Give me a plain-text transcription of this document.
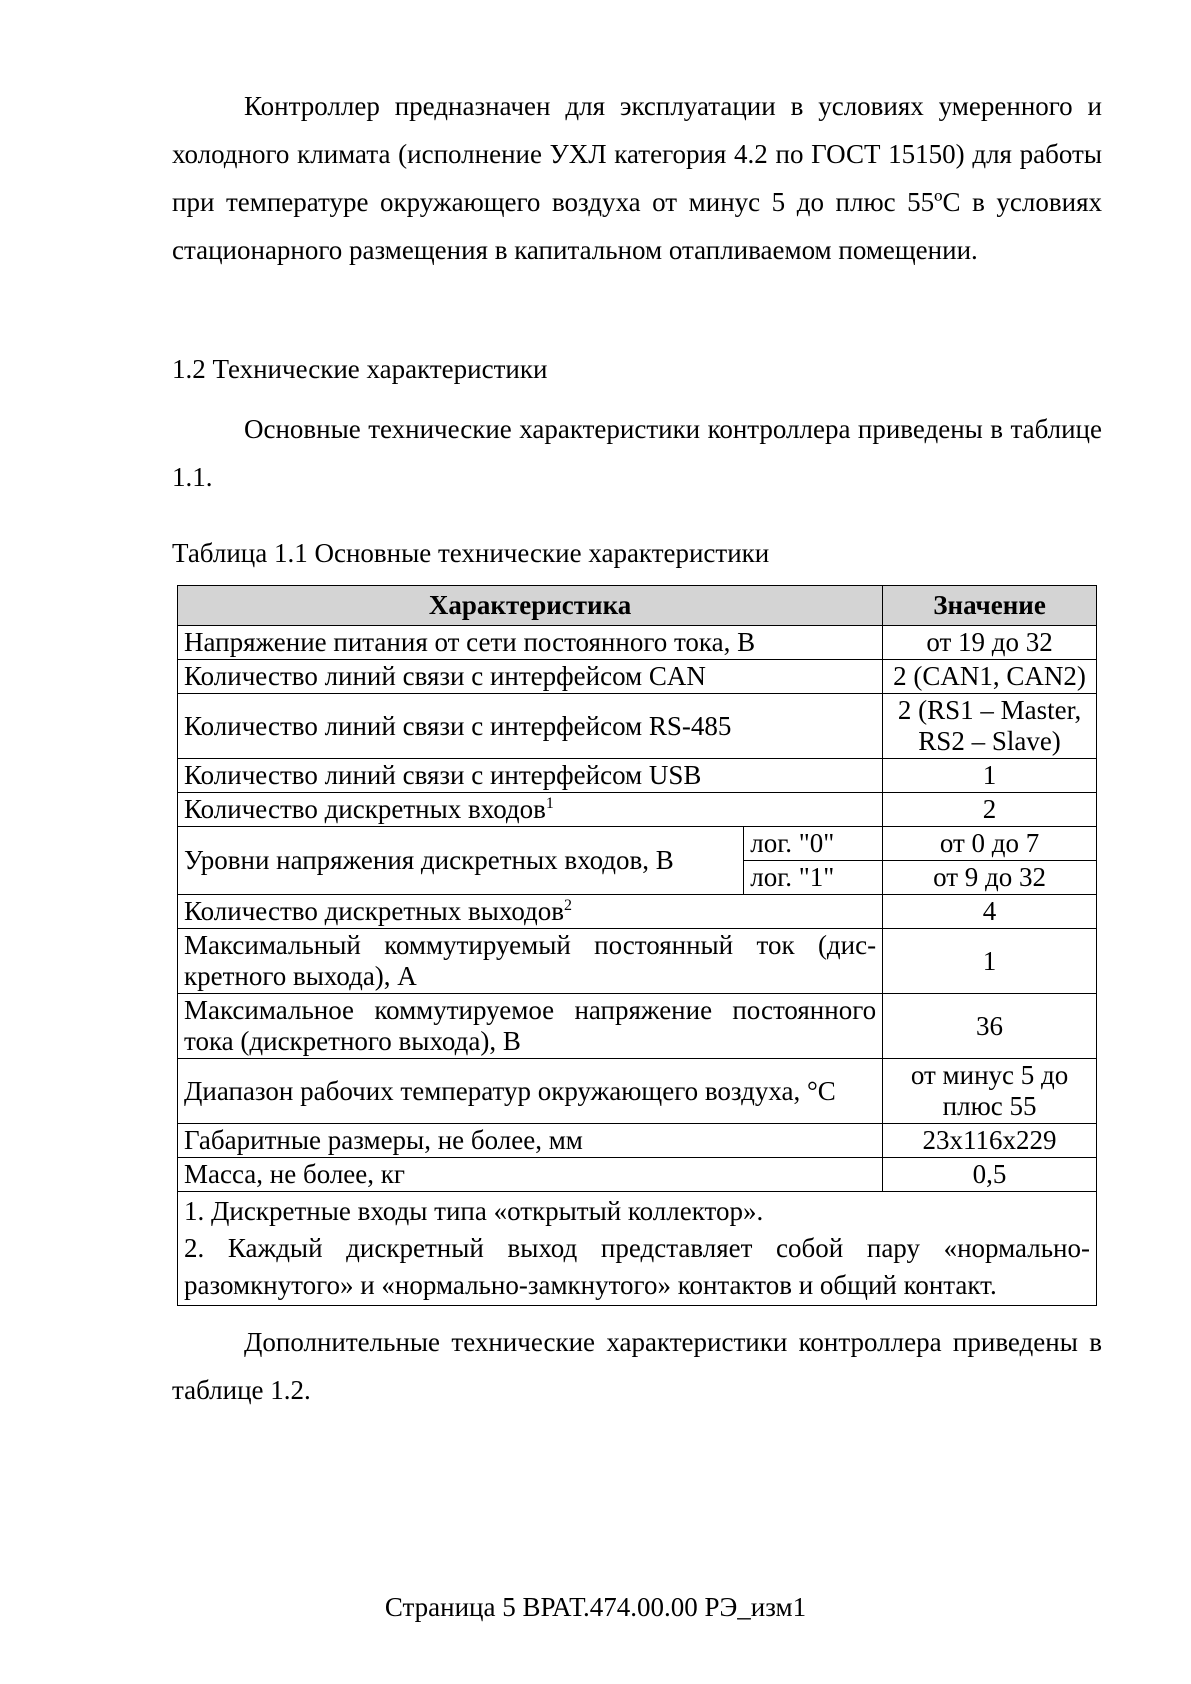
Контроллер предназначен для эксплуатации в условиях умеренного и холодного климата (исполнение УХЛ категория 4.2 по ГОСТ 15150) для работы при температуре окружающего воздуха от минус 5 до плюс 55ºС в условиях стационарного размещения в капитальном отапливаемом помещении.

1.2 Технические характеристики

Основные технические характеристики контроллера приведены в таблице 1.1.

Таблица 1.1 Основные технические характеристики

Характеристика		Значение
Напряжение питания от сети постоянного тока, В		от 19 до 32
Количество линий связи с интерфейсом CAN		2 (CAN1, CAN2)
Количество линий связи с интерфейсом RS-485		2 (RS1 – Master,
RS2 – Slave)

Количество линий связи с интерфейсом USB		1
Количество дискретных входов$^1$		2
Уровни напряжения дискретных входов, В	лог. "0"	от 0 до 7
	лог. "1"	от 9 до 32
Количество дискретных выходов$^2$		4
Максимальный коммутируемый постоянный ток (дискретного выхода), А		1
Максимальное коммутируемое напряжение постоянного тока (дискретного выхода), В		36
Диапазон рабочих температур окружающего воздуха, °С		от минус 5 до
плюс 55

Габаритные размеры, не более, мм		23х116х229
Масса, не более, кг		0,5

1. Дискретные входы типа «открытый коллектор».
2. Каждый дискретный выход представляет собой пару «нормально-разомкнутого» и «нормально-замкнутого» контактов и общий контакт.		

Дополнительные технические характеристики контроллера приведены в таблице 1.2.

Страница 5 ВРАТ.474.00.00 РЭ_изм1
